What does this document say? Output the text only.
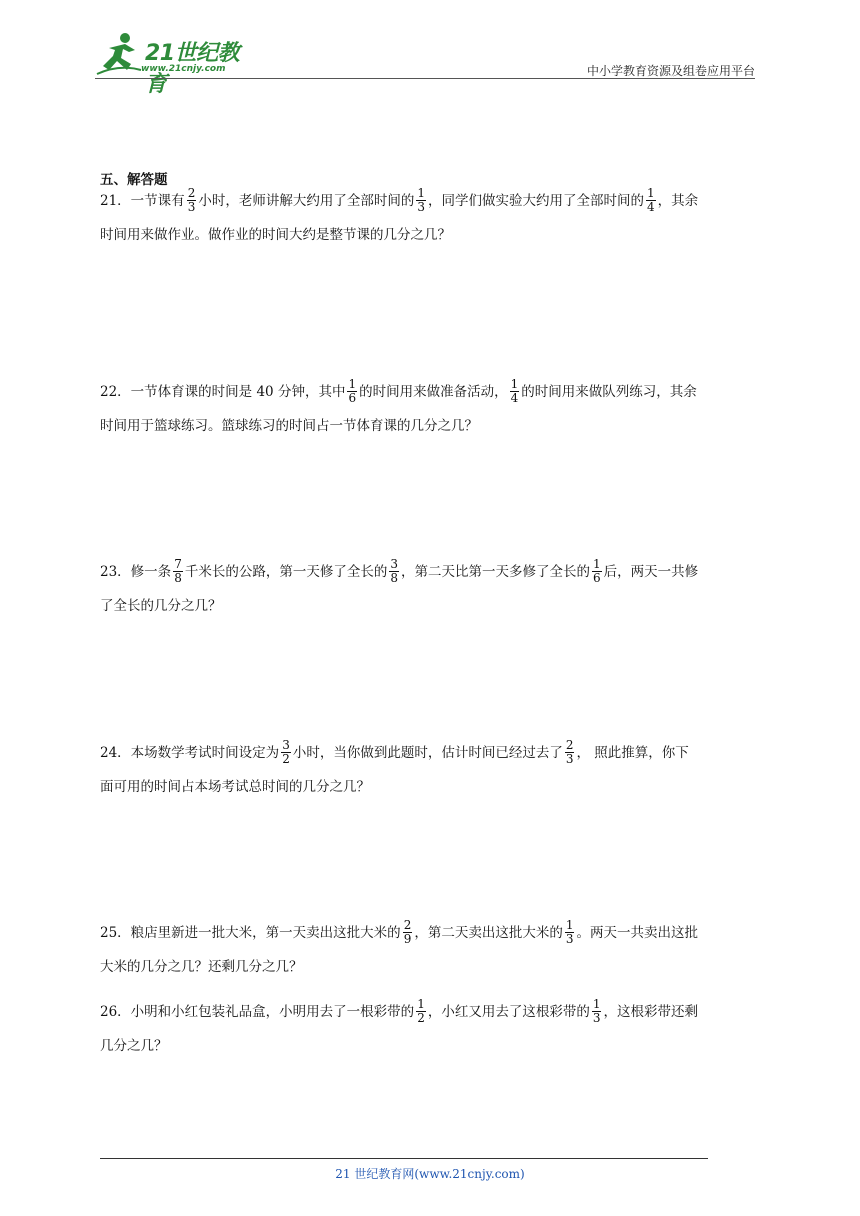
21世纪教育
www.21cnjy.com	中小学教育资源及组卷应用平台
五、解答题
21．一节课有 $\frac{2}{3}$ 小时，老师讲解大约用了全部时间的 $\frac{1}{3}$ ，同学们做实验大约用了全部时间的 $\frac{1}{4}$ ，其余
时间用来做作业。做作业的时间大约是整节课的几分之几？
22．一节体育课的时间是 40 分钟，其中 $\frac{1}{6}$ 的时间用来做准备活动， $\frac{1}{4}$ 的时间用来做队列练习，其余
时间用于篮球练习。篮球练习的时间占一节体育课的几分之几？
23．修一条 $\frac{7}{8}$ 千米长的公路，第一天修了全长的 $\frac{3}{8}$ ，第二天比第一天多修了全长的 $\frac{1}{6}$ 后，两天一共修
了全长的几分之几？
24．本场数学考试时间设定为 $\frac{3}{2}$ 小时，当你做到此题时，估计时间已经过去了 $\frac{2}{3}$ ， 照此推算，你下
面可用的时间占本场考试总时间的几分之几？
25．粮店里新进一批大米，第一天卖出这批大米的 $\frac{2}{9}$ ，第二天卖出这批大米的 $\frac{1}{3}$ 。两天一共卖出这批
大米的几分之几？还剩几分之几？
26．小明和小红包装礼品盒，小明用去了一根彩带的 $\frac{1}{2}$ ，小红又用去了这根彩带的 $\frac{1}{3}$ ，这根彩带还剩
几分之几？
21 世纪教育网(www.21cnjy.com)
